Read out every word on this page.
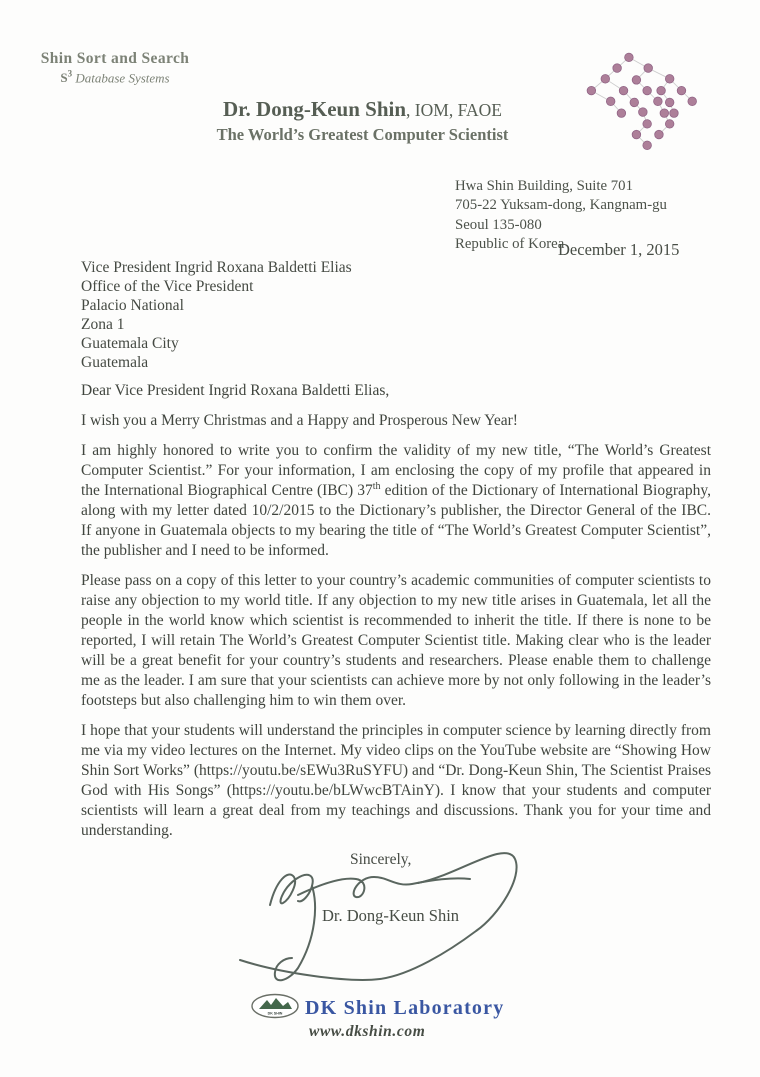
Shin Sort and Search
$S^3$ Database Systems
Dr. Dong-Keun Shin, IOM, FAOE
The World’s Greatest Computer Scientist
Hwa Shin Building, Suite 701
705-22 Yuksam-dong, Kangnam-gu
Seoul 135-080
Republic of Korea
December 1, 2015
Vice President Ingrid Roxana Baldetti Elias
Office of the Vice President
Palacio National
Zona 1
Guatemala City
Guatemala

Dear Vice President Ingrid Roxana Baldetti Elias,

I wish you a Merry Christmas and a Happy and Prosperous New Year!

I am highly honored to write you to confirm the validity of my new title, “The World’s Greatest Computer Scientist.” For your information, I am enclosing the copy of my profile that appeared in the International Biographical Centre (IBC) 37th edition of the Dictionary of International Biography, along with my letter dated 10/2/2015 to the Dictionary’s publisher, the Director General of the IBC. If anyone in Guatemala objects to my bearing the title of “The World’s Greatest Computer Scientist”, the publisher and I need to be informed.

Please pass on a copy of this letter to your country’s academic communities of computer scientists to raise any objection to my world title. If any objection to my new title arises in Guatemala, let all the people in the world know which scientist is recommended to inherit the title. If there is none to be reported, I will retain The World’s Greatest Computer Scientist title. Making clear who is the leader will be a great benefit for your country’s students and researchers. Please enable them to challenge me as the leader. I am sure that your scientists can achieve more by not only following in the leader’s footsteps but also challenging him to win them over.

I hope that your students will understand the principles in computer science by learning directly from me via my video lectures on the Internet. My video clips on the YouTube website are “Showing How Shin Sort Works” (https://youtu.be/sEWu3RuSYFU) and “Dr. Dong-Keun Shin, The Scientist Praises God with His Songs” (https://youtu.be/bLWwcBTAinY). I know that your students and computer scientists will learn a great deal from my teachings and discussions. Thank you for your time and understanding.

Sincerely,
Dr. Dong-Keun Shin
DK SHIN DK Shin Laboratory
www.dkshin.com
